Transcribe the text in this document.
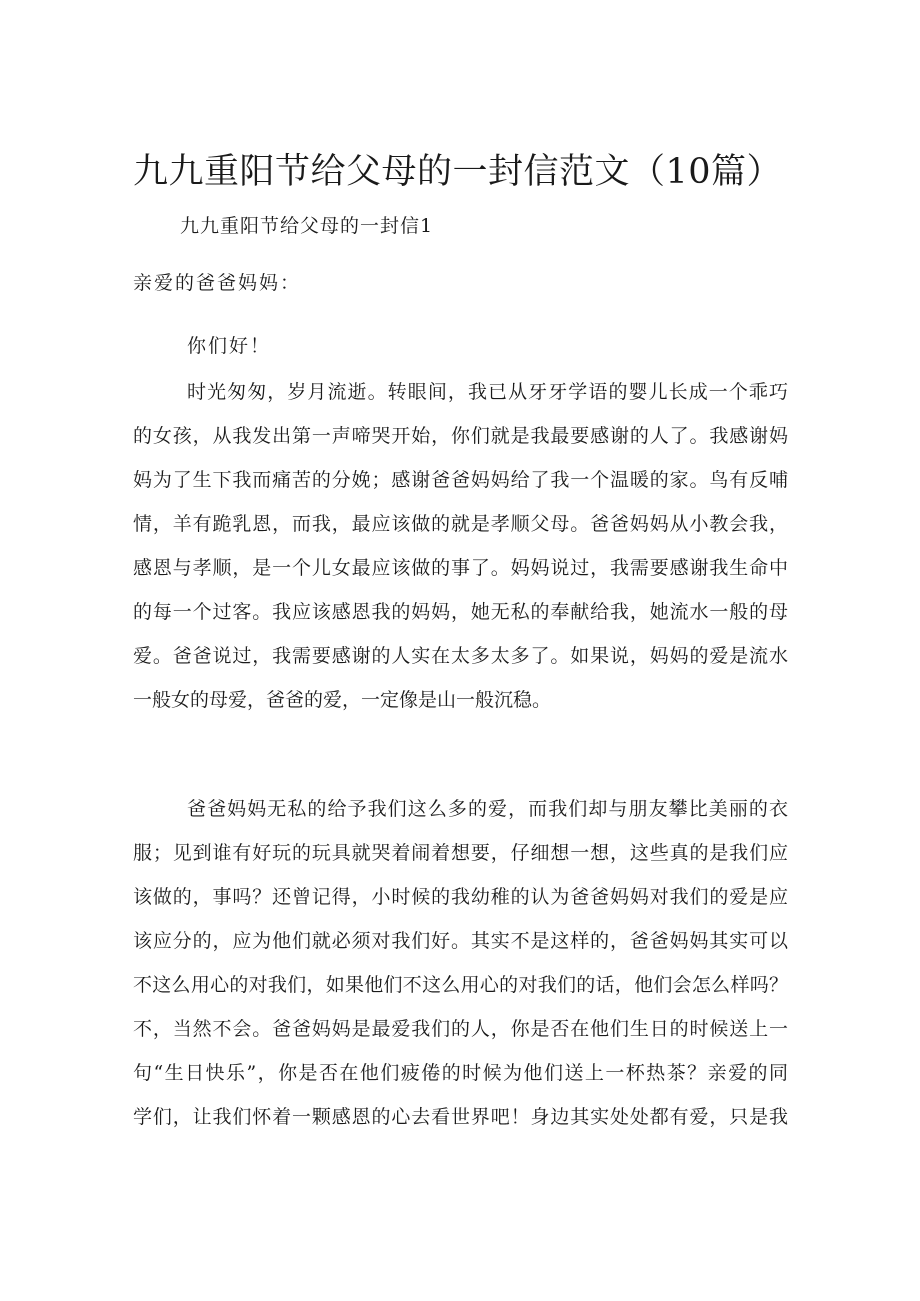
九九重阳节给父母的一封信范文（10篇）

九九重阳节给父母的一封信1

亲爱的爸爸妈妈：

你们好！

时光匆匆，岁月流逝。转眼间，我已从牙牙学语的婴儿长成一个乖巧
的女孩，从我发出第一声啼哭开始，你们就是我最要感谢的人了。我感谢妈
妈为了生下我而痛苦的分娩；感谢爸爸妈妈给了我一个温暖的家。鸟有反哺
情，羊有跪乳恩，而我，最应该做的就是孝顺父母。爸爸妈妈从小教会我，
感恩与孝顺，是一个儿女最应该做的事了。妈妈说过，我需要感谢我生命中
的每一个过客。我应该感恩我的妈妈，她无私的奉献给我，她流水一般的母
爱。爸爸说过，我需要感谢的人实在太多太多了。如果说，妈妈的爱是流水
一般女的母爱，爸爸的爱，一定像是山一般沉稳。
爸爸妈妈无私的给予我们这么多的爱，而我们却与朋友攀比美丽的衣
服；见到谁有好玩的玩具就哭着闹着想要，仔细想一想，这些真的是我们应
该做的，事吗？还曾记得，小时候的我幼稚的认为爸爸妈妈对我们的爱是应
该应分的，应为他们就必须对我们好。其实不是这样的，爸爸妈妈其实可以
不这么用心的对我们，如果他们不这么用心的对我们的话，他们会怎么样吗？
不，当然不会。爸爸妈妈是最爱我们的人，你是否在他们生日的时候送上一
句“生日快乐”，你是否在他们疲倦的时候为他们送上一杯热茶？亲爱的同
学们，让我们怀着一颗感恩的心去看世界吧！身边其实处处都有爱，只是我
